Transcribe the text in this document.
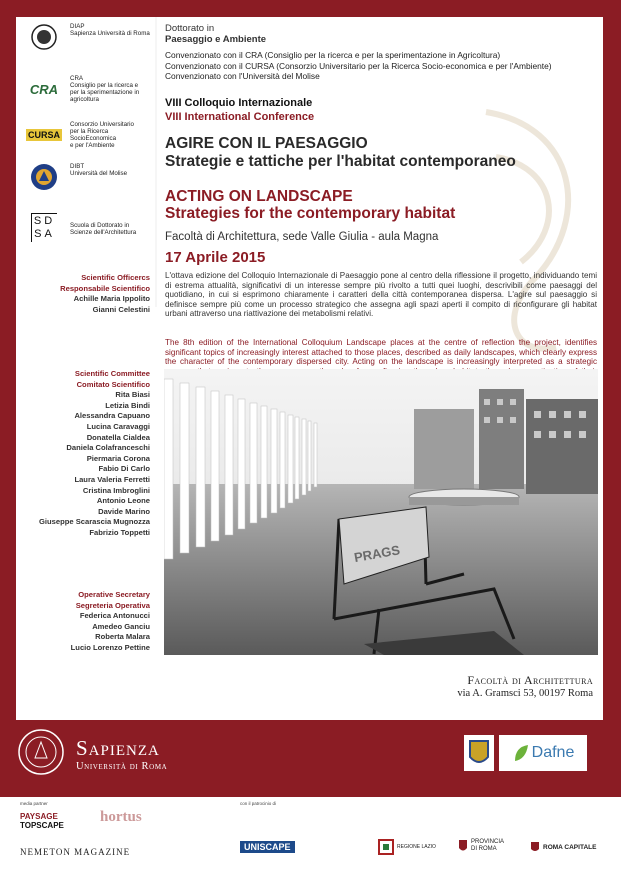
DIAP
Sapienza Università di Roma
CRA
CRA
Consiglio per la ricerca e
per la sperimentazione in
agricoltura
CURSA
Consorzio Universitario
per la Ricerca
SocioEconomica
e per l'Ambiente
DIBT
Università del Molise
SD
SA
Scuola di Dottorato in
Scienze dell'Architettura
Dottorato in
Paesaggio e Ambiente
Convenzionato con il CRA (Consiglio per la ricerca e per la sperimentazione in Agricoltura)
Convenzionato con il CURSA (Consorzio Universitario per la Ricerca Socio-economica e per l'Ambiente)
Convenzionato con l'Università del Molise
VIII Colloquio Internazionale
VIII International Conference
AGIRE CON IL PAESAGGIO
Strategie e tattiche per l'habitat contemporaneo
ACTING ON LANDSCAPE
Strategies for the contemporary habitat
Facoltà di Architettura, sede Valle Giulia - aula Magna
17 Aprile 2015
L'ottava edizione del Colloquio Internazionale di Paesaggio pone al centro della riflessione il progetto, individuando temi di estrema attualità, significativi di un interesse sempre più rivolto a tutti quei luoghi, descrivibili come paesaggi del quotidiano, in cui si esprimono chiaramente i caratteri della città contemporanea dispersa. L'agire sul paesaggio si definisce sempre più come un processo strategico che assegna agli spazi aperti il compito di riconfigurare gli habitat urbani attraverso una riattivazione dei metabolismi relativi.
The 8th edition of the International Colloquium Landscape places at the centre of reflection the project, identifies significant topics of increasingly interest attached to those places, described as daily landscapes, which clearly express the character of the contemporary dispersed city. Acting on the landscape is increasingly interpreted as a strategic
Scientific Officercs
Responsabile Scientifico
Achille Maria Ippolito
Gianni Celestini
Scientific Committee
Comitato Scientifico
Rita Biasi
Letizia Bindi
Alessandra Capuano
Lucina Caravaggi
Donatella Cialdea
Daniela Colafranceschi
Piermaria Corona
Fabio Di Carlo
Laura Valeria Ferretti
Cristina Imbroglini
Antonio Leone
Davide Marino
Giuseppe Scarascia Mugnozza
Fabrizio Toppetti
Operative Secretary
Segreteria Operativa
Federica Antonucci
Amedeo Ganciu
Roberta Malara
Lucio Lorenzo Pettine
PRAGS
Facoltà di Architettura
via A. Gramsci 53, 00197 Roma
Sapienza
Università di Roma
Dafne
media partner
PAYSAGE
TOPSCAPE
hortus
NEMETON MAGAZINE
con il patrocinio di
UNISCAPE	REGIONE LAZIO
PROVINCIA DI ROMA	ROMA CAPITALE
